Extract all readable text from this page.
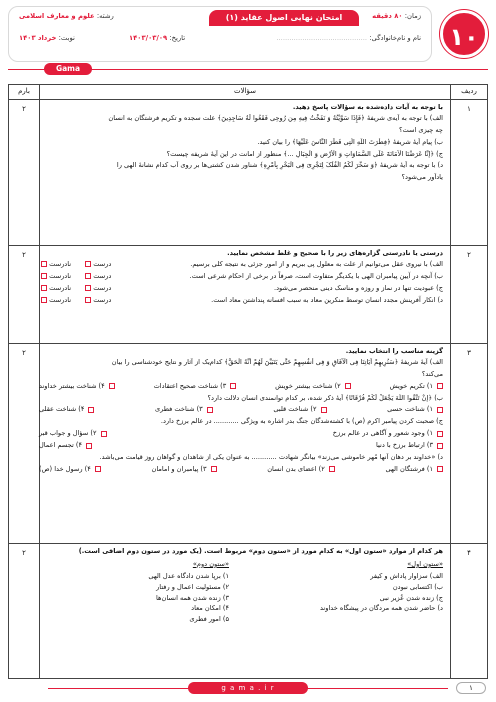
امتحان نهایی اصول عقاید (۱)	زمان: ۸۰ دقیقه
رشته: علوم و معارف اسلامی
نام و نام‌خانوادگی: ..........................................
تاریخ: ۱۴۰۳/۰۳/۰۹
نوبت: خرداد ۱۴۰۳	۱۰
Gama
ردیف
سؤالات
بارم
۱
۲	با توجه به آیات داده‌شده به سؤالات پاسخ دهید.
الف) با توجه به آیه‌ی شریفهٔ ﴿فَإِذَا سَوَّیْتُهُ وَ نَفَخْتُ فِیهِ مِن رُوحِی فَقَعُوا لَهُ سَاجِدِینَ﴾ علت سجده و تکریم فرشتگان به انسان
چه چیزی است؟
ب) پیام آیهٔ شریفهٔ ﴿فِطْرَتَ اللَّهِ الَّتِی فَطَرَ النَّاسَ عَلَیْهَا﴾ را بیان کنید.
ج) ﴿إِنَّا عَرَضْنَا الْأَمَانَةَ عَلَى السَّمَاوَاتِ وَ الْأَرْضِ وَ الْجِبَالِ ...﴾ منظور از امانت در این آیهٔ شریفه چیست؟
د) با توجه به آیهٔ شریفهٔ ﴿وَ سَخَّرَ لَکُمُ الْفُلْکَ لِتَجْرِیَ فِی الْبَحْرِ بِأَمْرِهِ﴾ شناور شدن کشتی‌ها بر روی آب کدام نشانهٔ الهی را
یادآور می‌شود؟
۲
۲	درستی یا نادرستی گزاره‌های زیر را با صحیح و غلط مشخص نمایید.
الف) با نیروی عقل می‌توانیم از علت به معلول پی ببریم و از امور جزئی به نتیجه کلی برسیم.
درست
نادرست
ب) آنچه در آیین پیامبران الهی با یکدیگر متفاوت است، صرفاً در برخی از احکام شرعی است.
درست
نادرست
ج) عبودیت تنها در نماز و روزه و مناسک دینی منحصر می‌شود.
درست
نادرست
د) انکار آفرینش مجدد انسان توسط منکرین معاد به سبب افسانه پنداشتن معاد است.
درست
نادرست
۳
۲	گزینه مناسب را انتخاب نمایید.
الف) آیهٔ شریفهٔ ﴿سَنُرِیهِمْ آیَاتِنَا فِی الْآفَاقِ وَ فِی أَنفُسِهِمْ حَتَّى یَتَبَیَّنَ لَهُمْ أَنَّهُ الْحَقُّ﴾ کدام‌یک از آثار و نتایج خودشناسی را بیان
می‌کند؟
۱) تکریم خویش
۲) شناخت بیشتر خویش
۳) شناخت صحیح اعتقادات
۴) شناخت بیشتر خداوند
ب) ﴿إِنْ تَتَّقُوا اللَّهَ یَجْعَلْ لَکُمْ فُرْقَانًا﴾ آیهٔ ذکر شده، بر کدام توانمندی انسان دلالت دارد؟
۱) شناخت حسی
۲) شناخت قلبی
۳) شناخت فطری
۴) شناخت عقلی
ج) صحبت کردن پیامبر اکرم (ص) با کشته‌شدگان جنگ بدر اشاره به ویژگی ............ در عالم برزخ دارد.
۱) وجود شعور و آگاهی در عالم برزخ
۲) سؤال و جواب قبر
۳) ارتباط برزخ با دنیا
۴) تجسم اعمال
د) «خداوند بر دهان آنها مُهر خاموشی می‌زند» بیانگر شهادت ............ به عنوان یکی از شاهدان و گواهان روز قیامت می‌باشد.
۱) فرشتگان الهی
۲) اعضای بدن انسان
۳) پیامبران و امامان
۴) رسول خدا (ص)
۴
۲	هر کدام از موارد «ستون اول» به کدام مورد از «ستون دوم» مربوط است. (یک مورد در ستون دوم اضافی است.)
«ستون اول»
الف) سزاوار پاداش و کیفر
ب) اکتسابی نبودن
ج) زنده شدن عُزیر نبی
د) حاضر شدن همه مردگان در پیشگاه خداوند
«ستون دوم»
۱) برپا شدن دادگاه عدل الهی
۲) مسئولیت اعمال و رفتار
۳) زنده شدن همه انسان‌ها
۴) امکان معاد
۵) امور فطری
۱
g a m a . i r
